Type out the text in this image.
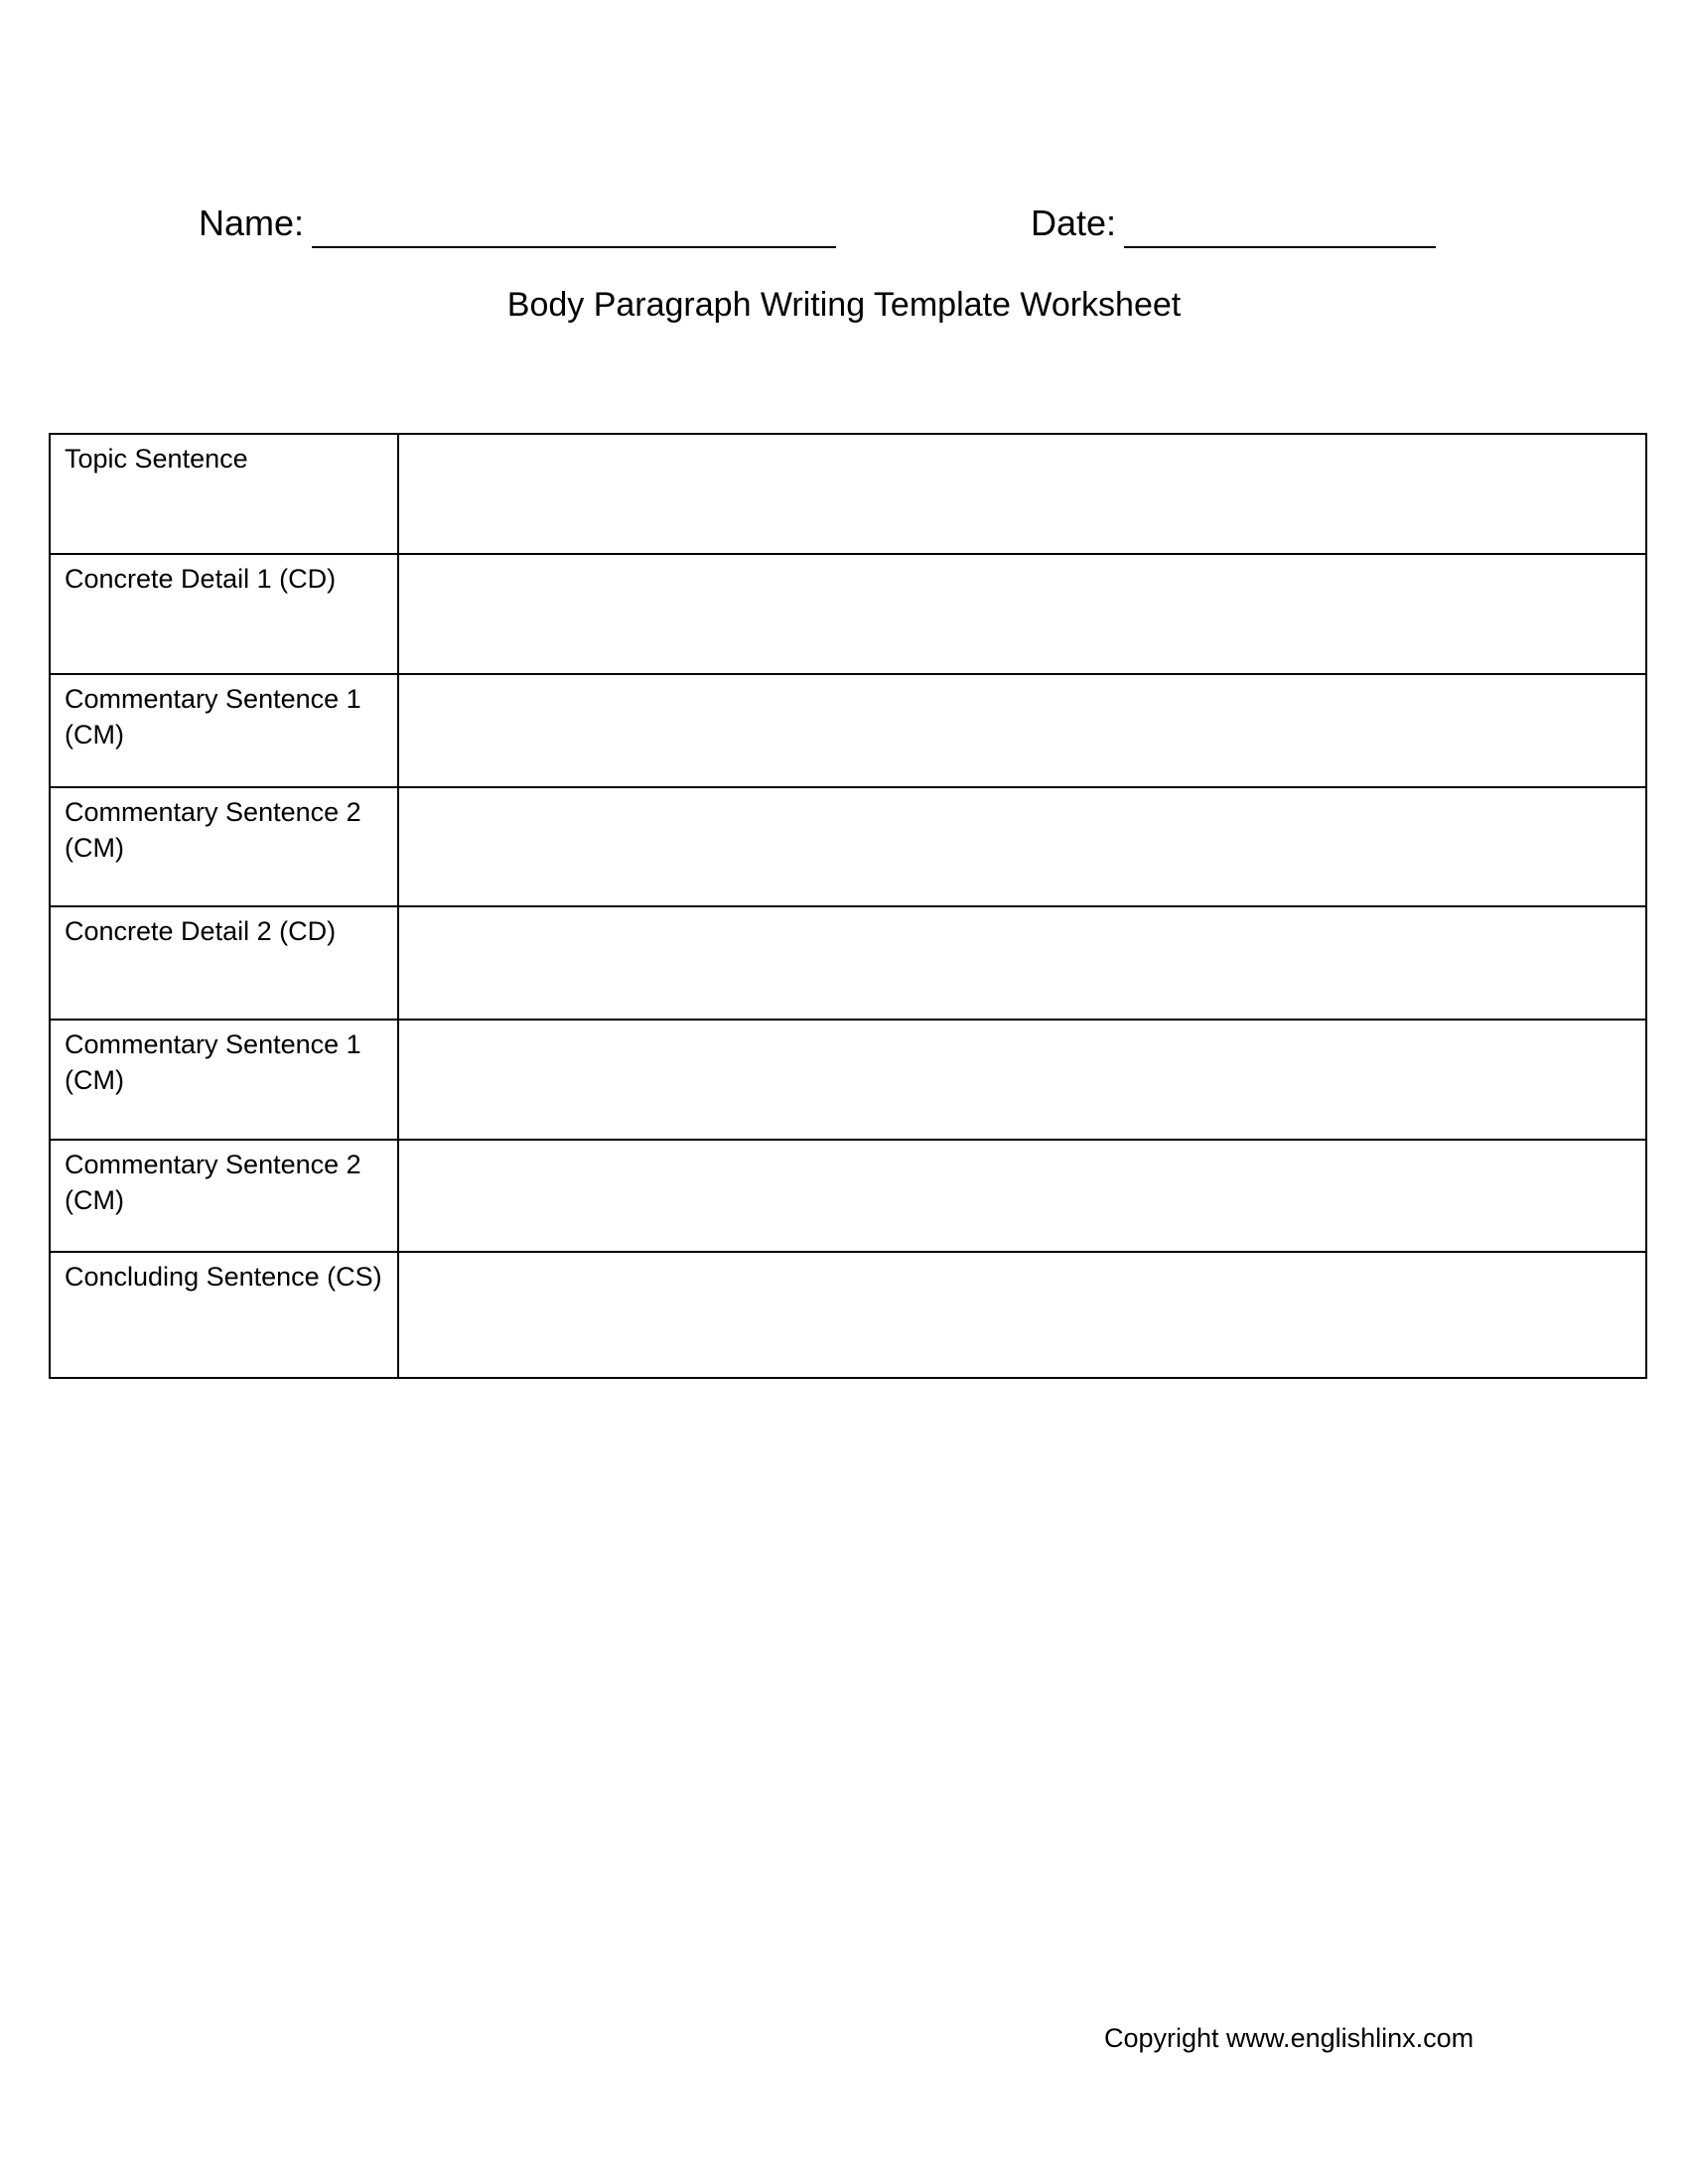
Name:	Date:
Body Paragraph Writing Template Worksheet
Topic Sentence	
Concrete Detail 1 (CD)	
Commentary Sentence 1 (CM)	
Commentary Sentence 2 (CM)	
Concrete Detail 2 (CD)	
Commentary Sentence 1 (CM)	
Commentary Sentence 2 (CM)	
Concluding Sentence (CS)	
Copyright www.englishlinx.com
